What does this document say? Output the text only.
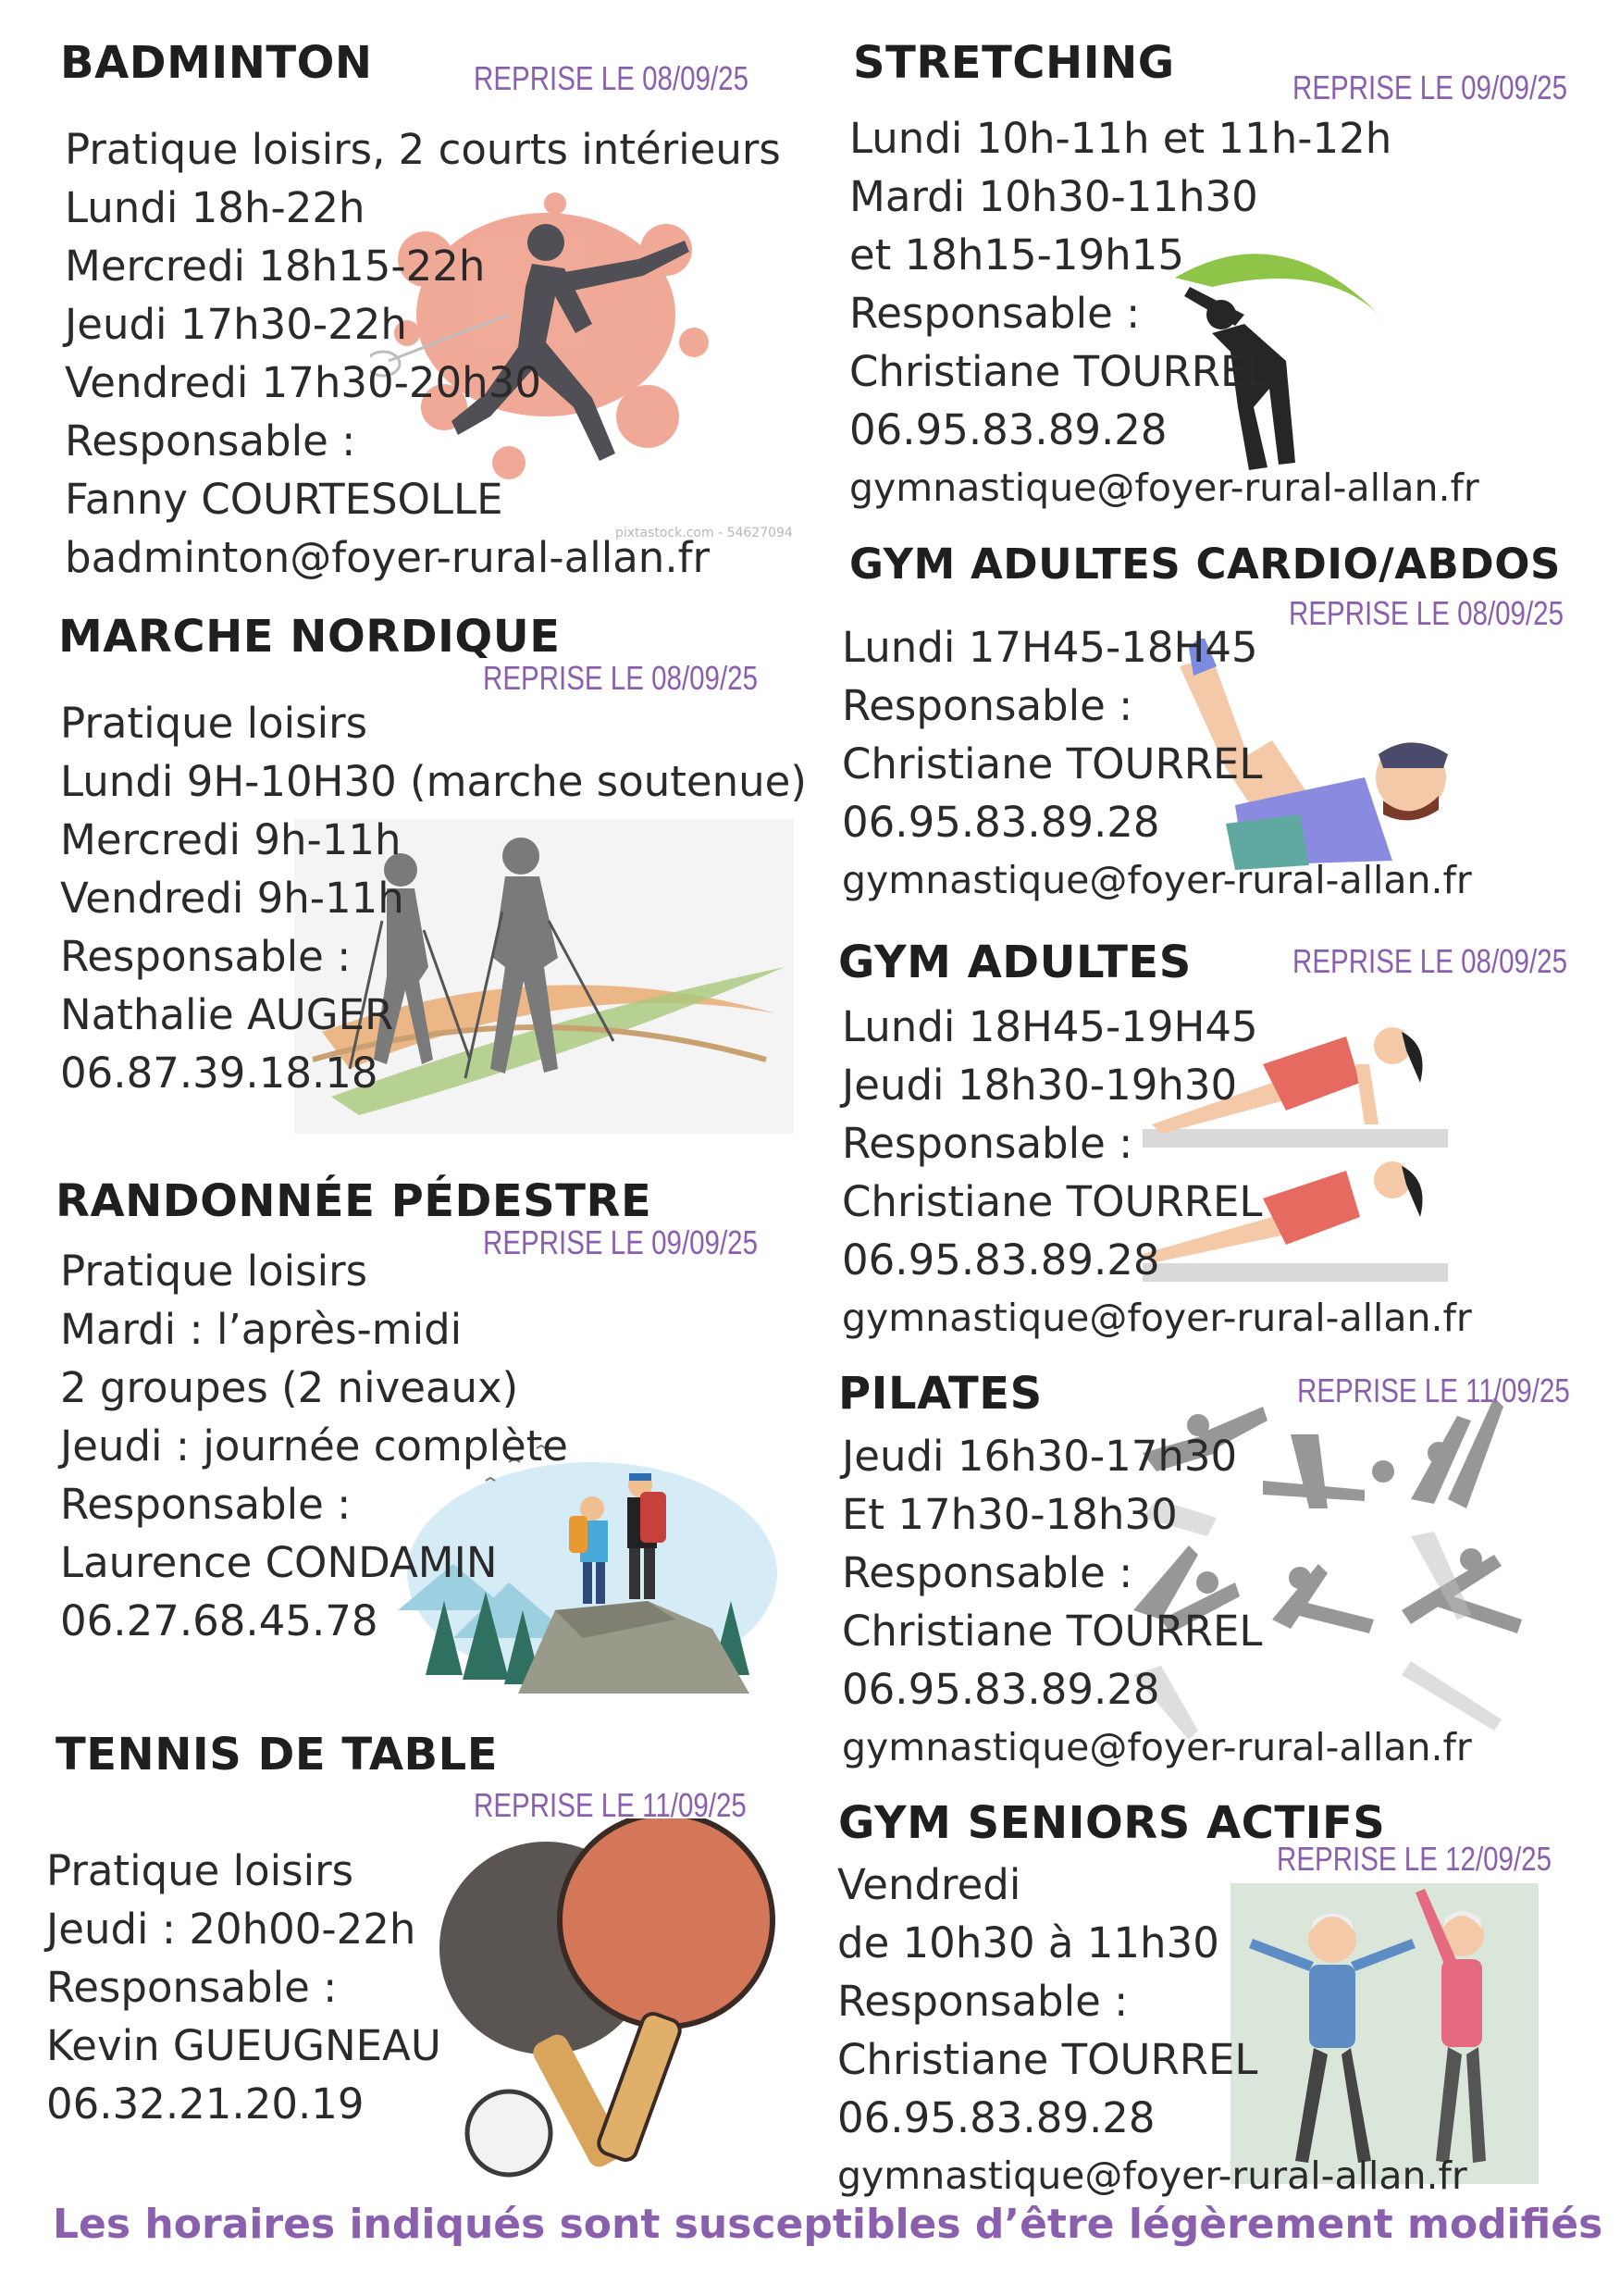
pixtastock.com - 54627094
BADMINTON	REPRISE LE 08/09/25
Pratique loisirs, 2 courts intérieurs
Lundi 18h-22h
Mercredi 18h15-22h
Jeudi 17h30-22h
Vendredi 17h30-20h30
Responsable :
Fanny COURTESOLLE
badminton@foyer-rural-allan.fr
MARCHE NORDIQUE
REPRISE LE 08/09/25
Pratique loisirs
Lundi 9H-10H30 (marche soutenue)
Mercredi 9h-11h
Vendredi 9h-11h
Responsable :
Nathalie AUGER
06.87.39.18.18
RANDONNÉE PÉDESTRE
REPRISE LE 09/09/25
Pratique loisirs
Mardi : l’après-midi
2 groupes (2 niveaux)
Jeudi : journée complète
Responsable :
Laurence CONDAMIN
06.27.68.45.78
TENNIS DE TABLE
REPRISE LE 11/09/25
Pratique loisirs
Jeudi : 20h00-22h
Responsable :
Kevin GUEUGNEAU
06.32.21.20.19
STRETCHING	REPRISE LE 09/09/25
Lundi 10h-11h et 11h-12h
Mardi 10h30-11h30
et 18h15-19h15
Responsable :
Christiane TOURREL
06.95.83.89.28
gymnastique@foyer-rural-allan.fr
GYM ADULTES CARDIO/ABDOS
REPRISE LE 08/09/25
Lundi 17H45-18H45
Responsable :
Christiane TOURREL
06.95.83.89.28
gymnastique@foyer-rural-allan.fr
GYM ADULTES	REPRISE LE 08/09/25
Lundi 18H45-19H45
Jeudi 18h30-19h30
Responsable :
Christiane TOURREL
06.95.83.89.28
gymnastique@foyer-rural-allan.fr
PILATES	REPRISE LE 11/09/25
Jeudi 16h30-17h30
Et 17h30-18h30
Responsable :
Christiane TOURREL
06.95.83.89.28
gymnastique@foyer-rural-allan.fr
GYM SENIORS ACTIFS
REPRISE LE 12/09/25
Vendredi
de 10h30 à 11h30
Responsable :
Christiane TOURREL
06.95.83.89.28
gymnastique@foyer-rural-allan.fr
Les horaires indiqués sont susceptibles d’être légèrement modifiés
